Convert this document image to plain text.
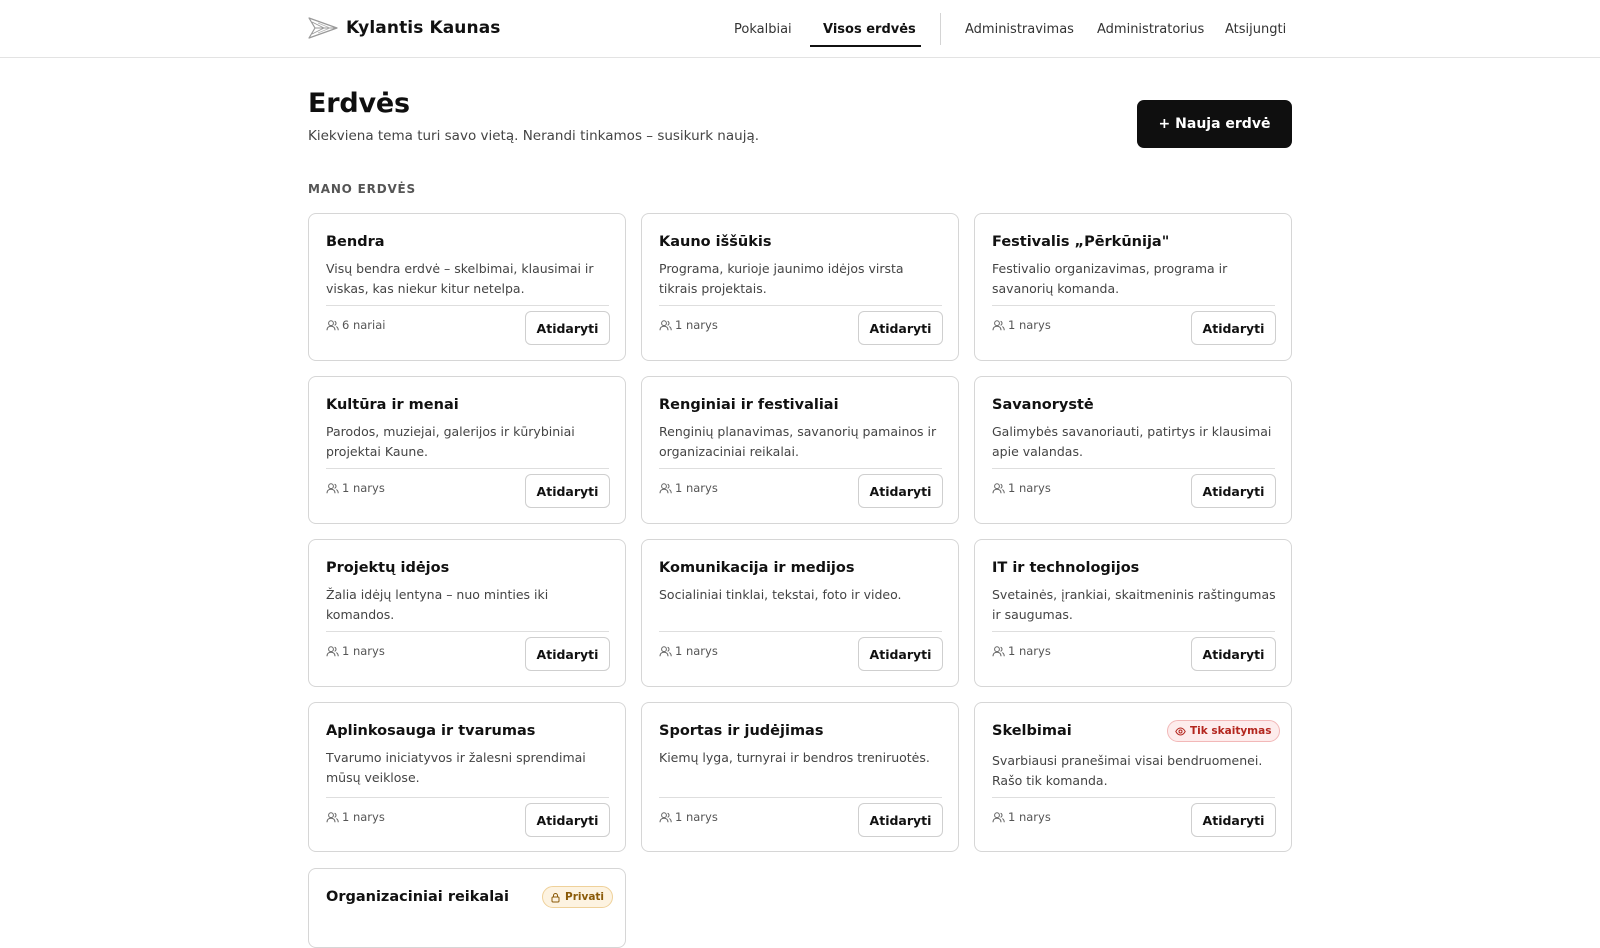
Kylantis Kaunas	Pokalbiai Visos erdvės	Administravimas Administratorius Atsijungti
Erdvės

Kiekviena tema turi savo vietą. Nerandi tinkamos – susikurk naują.

+ Nauja erdvė
MANO ERDVĖS
Bendra
Visų bendra erdvė – skelbimai, klausimai ir viskas, kas niekur kitur netelpa.
6 nariai	Atidaryti
Kauno iššūkis
Programa, kurioje jaunimo idėjos virsta tikrais projektais.
1 narys	Atidaryti
Festivalis „Pērkūnija"
Festivalio organizavimas, programa ir savanorių komanda.
1 narys	Atidaryti
Kultūra ir menai
Parodos, muziejai, galerijos ir kūrybiniai projektai Kaune.
1 narys	Atidaryti
Renginiai ir festivaliai
Renginių planavimas, savanorių pamainos ir organizaciniai reikalai.
1 narys	Atidaryti
Savanorystė
Galimybės savanoriauti, patirtys ir klausimai apie valandas.
1 narys	Atidaryti
Projektų idėjos
Žalia idėjų lentyna – nuo minties iki komandos.
1 narys	Atidaryti
Komunikacija ir medijos
Socialiniai tinklai, tekstai, foto ir video.
1 narys	Atidaryti
IT ir technologijos
Svetainės, įrankiai, skaitmeninis raštingumas ir saugumas.
1 narys	Atidaryti
Aplinkosauga ir tvarumas
Tvarumo iniciatyvos ir žalesni sprendimai mūsų veiklose.
1 narys	Atidaryti
Sportas ir judėjimas
Kiemų lyga, turnyrai ir bendros treniruotės.
1 narys	Atidaryti
Skelbimai	Tik skaitymas
Svarbiausi pranešimai visai bendruomenei. Rašo tik komanda.
1 narys	Atidaryti
Organizaciniai reikalai	Privati
